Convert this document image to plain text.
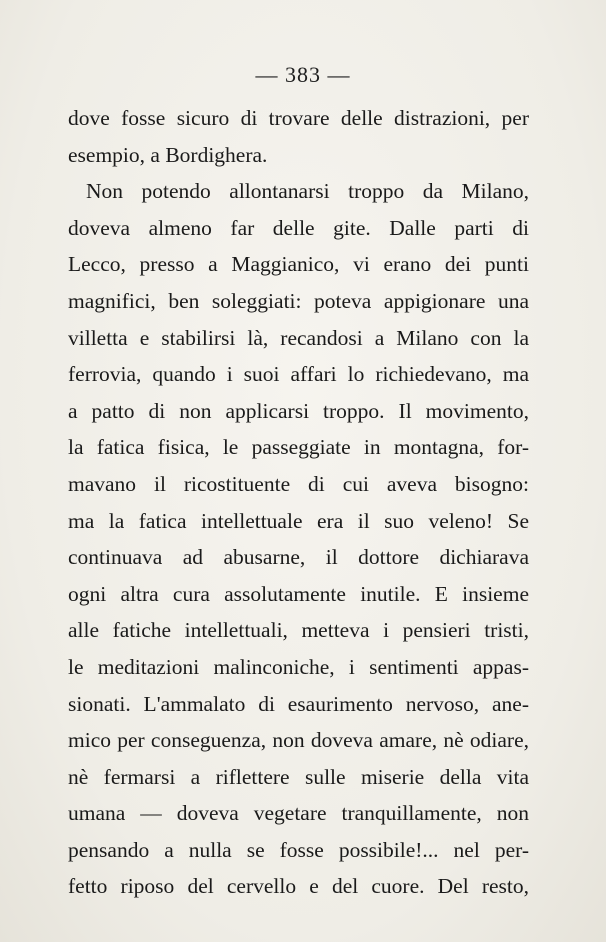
— 383 —
dove fosse sicuro di trovare delle distrazioni, per
esempio, a Bordighera.
Non potendo allontanarsi troppo da Milano,
doveva almeno far delle gite. Dalle parti di
Lecco, presso a Maggianico, vi erano dei punti
magnifici, ben soleggiati: poteva appigionare una
villetta e stabilirsi là, recandosi a Milano con la
ferrovia, quando i suoi affari lo richiedevano, ma
a patto di non applicarsi troppo. Il movimento,
la fatica fisica, le passeggiate in montagna, for-
mavano il ricostituente di cui aveva bisogno:
ma la fatica intellettuale era il suo veleno! Se
continuava ad abusarne, il dottore dichiarava
ogni altra cura assolutamente inutile. E insieme
alle fatiche intellettuali, metteva i pensieri tristi,
le meditazioni malinconiche, i sentimenti appas-
sionati. L'ammalato di esaurimento nervoso, ane-
mico per conseguenza, non doveva amare, nè odiare,
nè fermarsi a riflettere sulle miserie della vita
umana — doveva vegetare tranquillamente, non
pensando a nulla se fosse possibile!... nel per-
fetto riposo del cervello e del cuore. Del resto,
